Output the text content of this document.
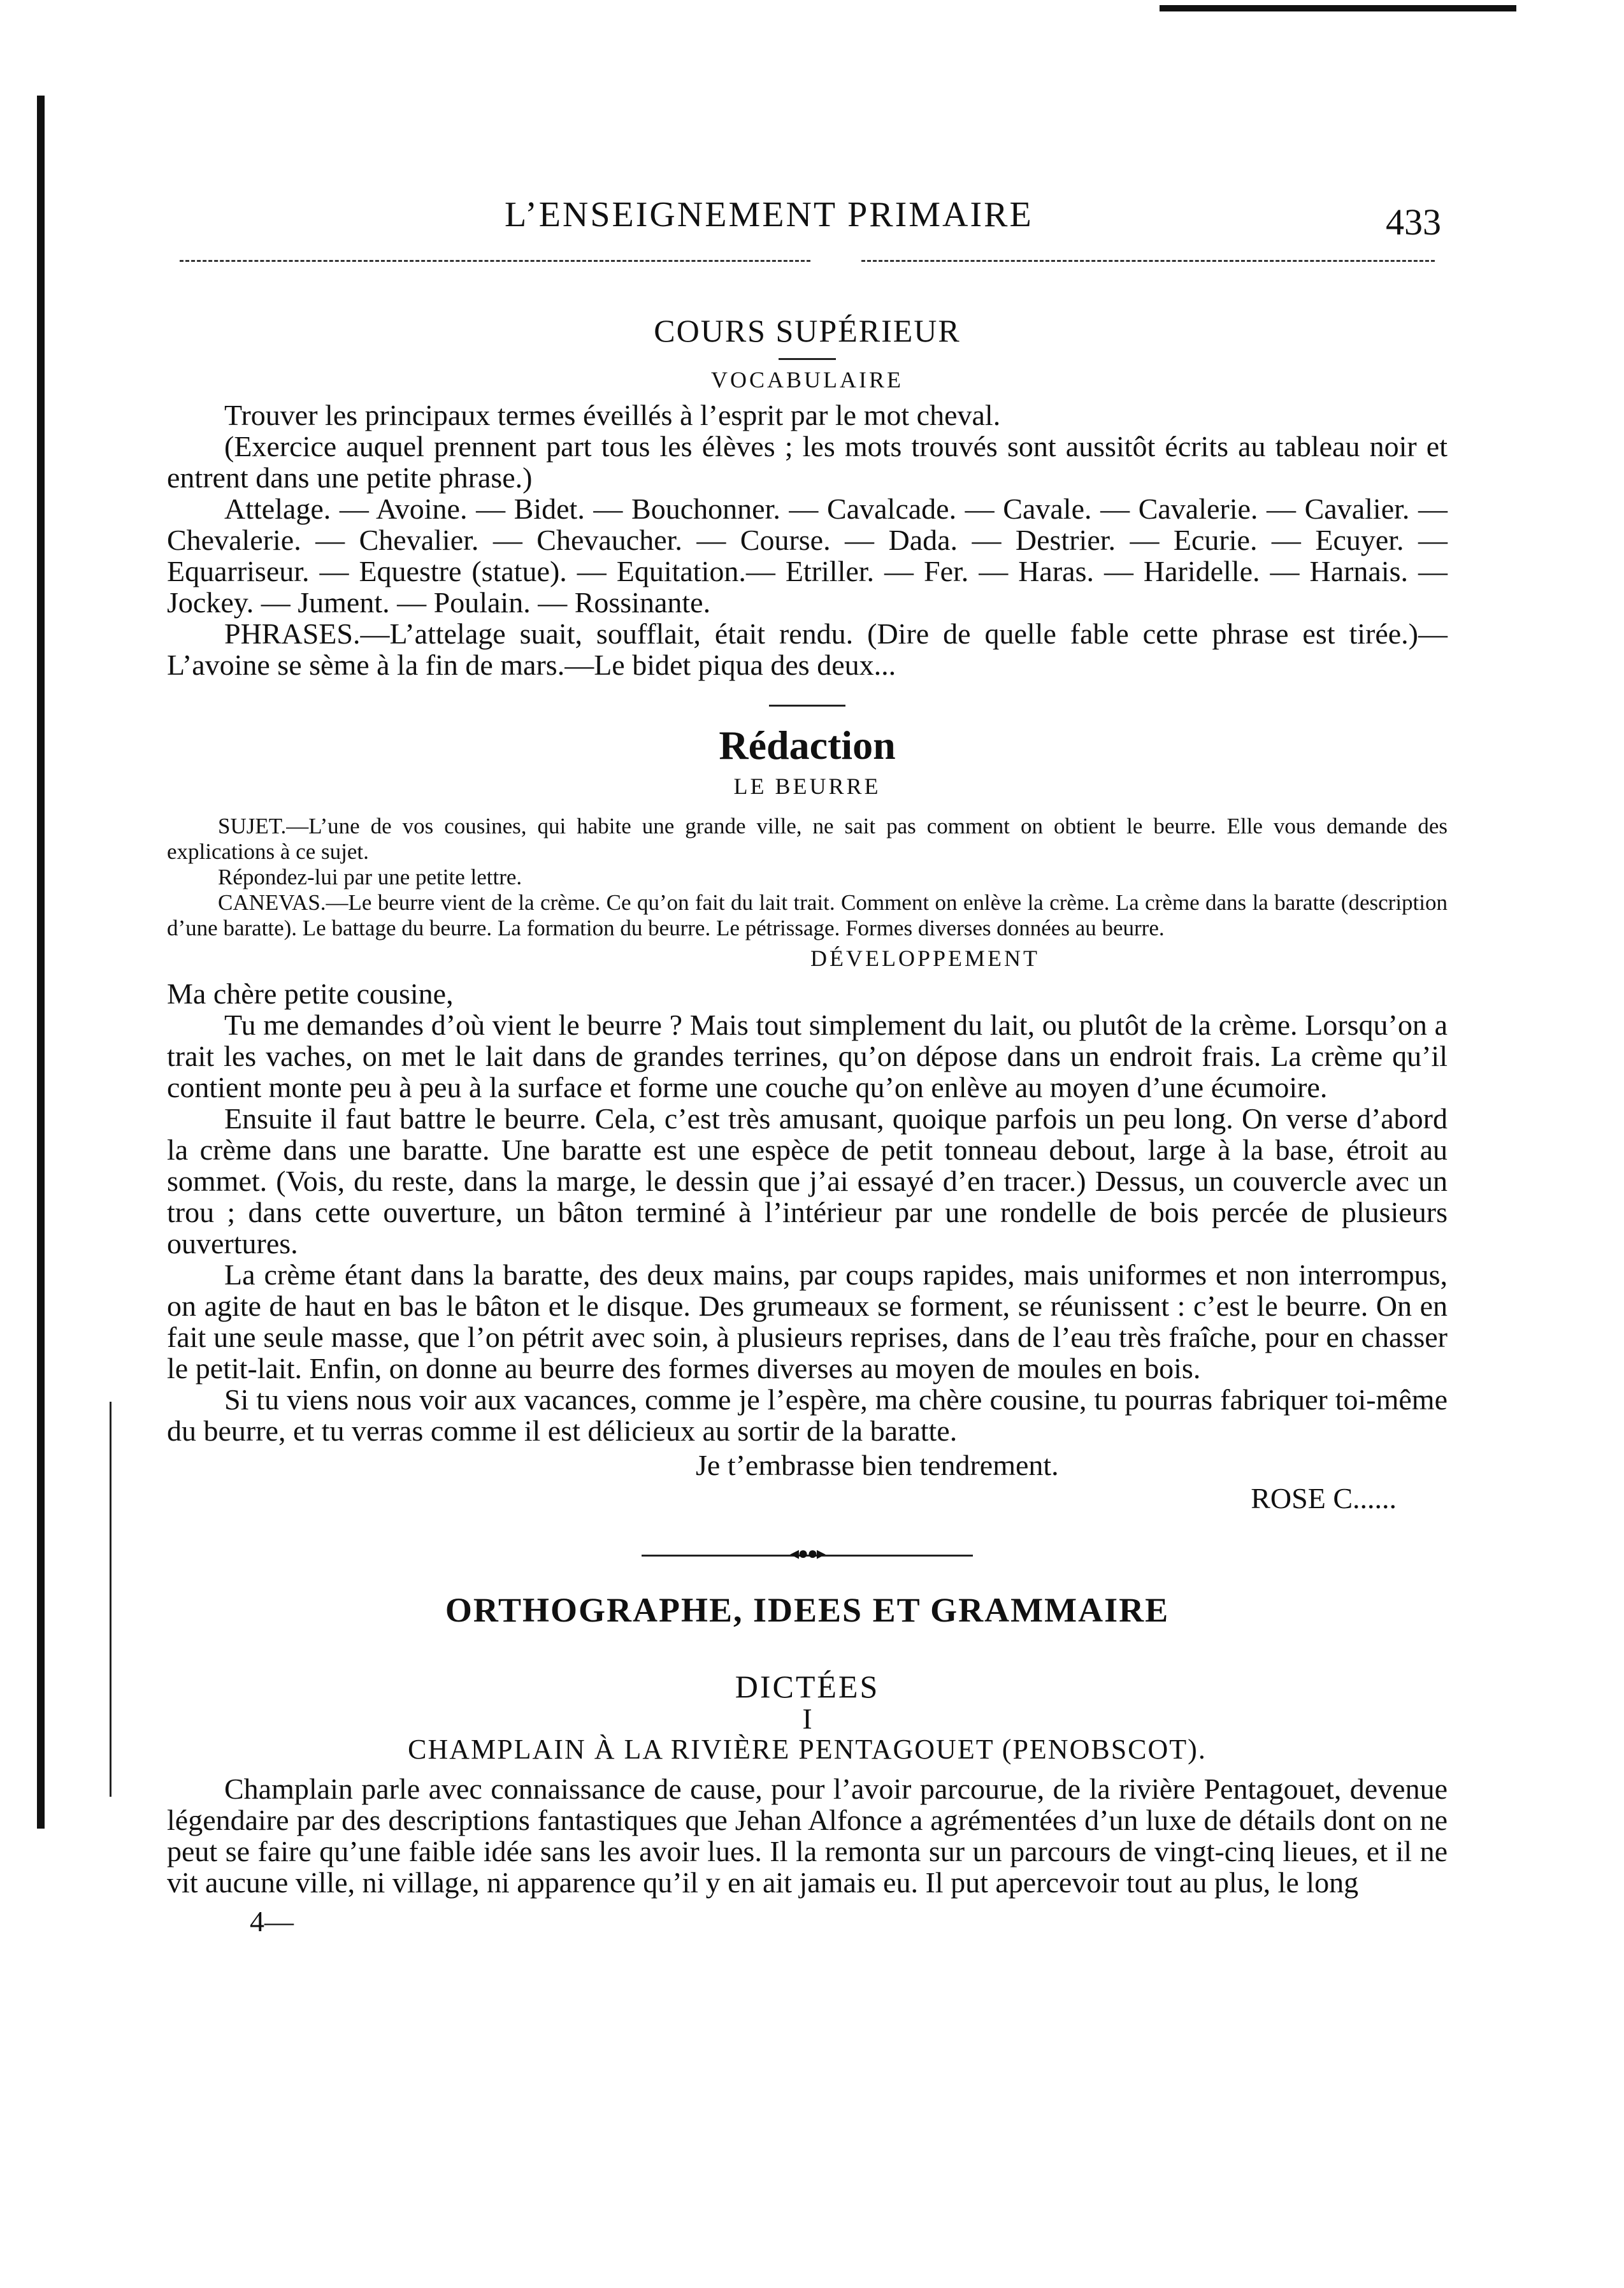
L’ENSEIGNEMENT PRIMAIRE	433
COURS SUPÉRIEUR
VOCABULAIRE

Trouver les principaux termes éveillés à l’esprit par le mot cheval.

(Exercice auquel prennent part tous les élèves ; les mots trouvés sont aussitôt écrits au tableau noir et entrent dans une petite phrase.)

Attelage. — Avoine. — Bidet. — Bouchonner. — Cavalcade. — Cavale. — Cavalerie. — Cavalier. — Chevalerie. — Chevalier. — Chevaucher. — Course. — Dada. — Destrier. — Ecurie. — Ecuyer. — Equarriseur. — Equestre (statue). — Equitation.— Etriller. — Fer. — Haras. — Haridelle. — Harnais. — Jockey. — Jument. — Poulain. — Rossinante.

PHRASES.—L’attelage suait, soufflait, était rendu. (Dire de quelle fable cette phrase est tirée.)—L’avoine se sème à la fin de mars.—Le bidet piqua des deux...

Rédaction
LE BEURRE

SUJET.—L’une de vos cousines, qui habite une grande ville, ne sait pas comment on obtient le beurre. Elle vous demande des explications à ce sujet.

Répondez-lui par une petite lettre.

CANEVAS.—Le beurre vient de la crème. Ce qu’on fait du lait trait. Comment on enlève la crème. La crème dans la baratte (description d’une baratte). Le battage du beurre. La formation du beurre. Le pétrissage. Formes diverses données au beurre.

DÉVELOPPEMENT

Ma chère petite cousine,

Tu me demandes d’où vient le beurre ? Mais tout simplement du lait, ou plutôt de la crème. Lorsqu’on a trait les vaches, on met le lait dans de grandes terrines, qu’on dépose dans un endroit frais. La crème qu’il contient monte peu à peu à la surface et forme une couche qu’on enlève au moyen d’une écumoire.

Ensuite il faut battre le beurre. Cela, c’est très amusant, quoique parfois un peu long. On verse d’abord la crème dans une baratte. Une baratte est une espèce de petit tonneau debout, large à la base, étroit au sommet. (Vois, du reste, dans la marge, le dessin que j’ai essayé d’en tracer.) Dessus, un couvercle avec un trou ; dans cette ouverture, un bâton terminé à l’intérieur par une rondelle de bois percée de plusieurs ouvertures.

La crème étant dans la baratte, des deux mains, par coups rapides, mais uniformes et non interrompus, on agite de haut en bas le bâton et le disque. Des grumeaux se forment, se réunissent : c’est le beurre. On en fait une seule masse, que l’on pétrit avec soin, à plusieurs reprises, dans de l’eau très fraîche, pour en chasser le petit-lait. Enfin, on donne au beurre des formes diverses au moyen de moules en bois.

Si tu viens nous voir aux vacances, comme je l’espère, ma chère cousine, tu pourras fabriquer toi-même du beurre, et tu verras comme il est délicieux au sortir de la baratte.

Je t’embrasse bien tendrement.

ROSE C......

◂●●▸
ORTHOGRAPHE, IDEES ET GRAMMAIRE
DICTÉES
I
CHAMPLAIN À LA RIVIÈRE PENTAGOUET (PENOBSCOT).

Champlain parle avec connaissance de cause, pour l’avoir parcourue, de la rivière Pentagouet, devenue légendaire par des descriptions fantastiques que Jehan Alfonce a agrémentées d’un luxe de détails dont on ne peut se faire qu’une faible idée sans les avoir lues. Il la remonta sur un parcours de vingt-cinq lieues, et il ne vit aucune ville, ni village, ni apparence qu’il y en ait jamais eu. Il put apercevoir tout au plus, le long

4—
